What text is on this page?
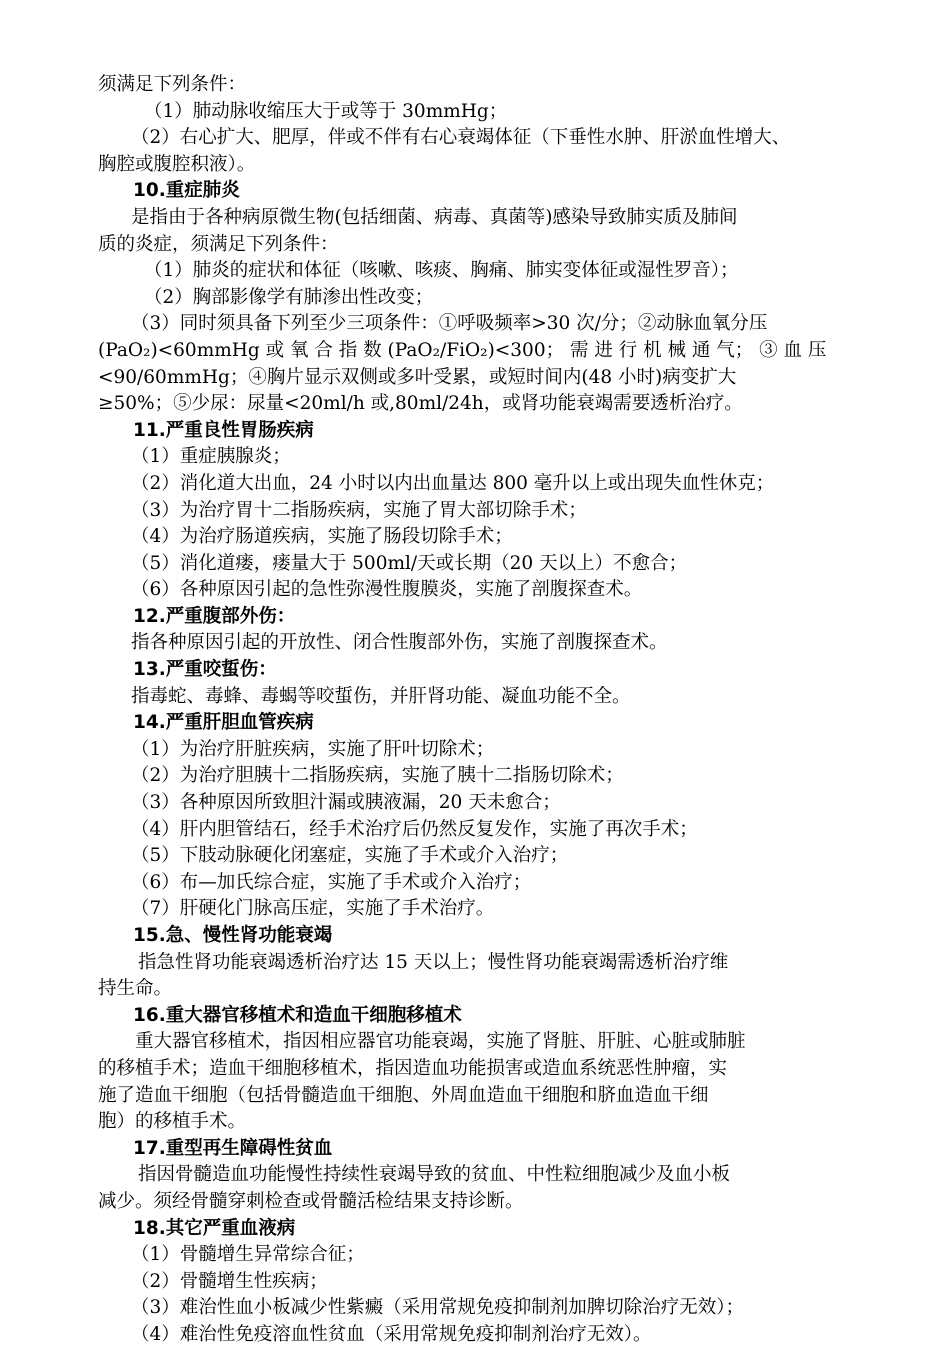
须满足下列条件：
（1）肺动脉收缩压大于或等于 30mmHg；
（2）右心扩大、肥厚，伴或不伴有右心衰竭体征（下垂性水肿、肝淤血性增大、
胸腔或腹腔积液）。
10.重症肺炎
是指由于各种病原微生物(包括细菌、病毒、真菌等)感染导致肺实质及肺间
质的炎症，须满足下列条件：
（1）肺炎的症状和体征（咳嗽、咳痰、胸痛、肺实变体征或湿性罗音）；
（2）胸部影像学有肺渗出性改变；
（3）同时须具备下列至少三项条件：①呼吸频率>30 次/分；②动脉血氧分压
(PaO₂)<60mmHg 或 氧 合 指 数 (PaO₂/FiO₂)<300； 需 进 行 机 械 通 气； ③ 血 压
<90/60mmHg；④胸片显示双侧或多叶受累，或短时间内(48 小时)病变扩大
≥50%；⑤少尿：尿量<20ml/h 或,80ml/24h，或肾功能衰竭需要透析治疗。
11.严重良性胃肠疾病
（1）重症胰腺炎；
（2）消化道大出血，24 小时以内出血量达 800 毫升以上或出现失血性休克；
（3）为治疗胃十二指肠疾病，实施了胃大部切除手术；
（4）为治疗肠道疾病，实施了肠段切除手术；
（5）消化道瘘，瘘量大于 500ml/天或长期（20 天以上）不愈合；
（6）各种原因引起的急性弥漫性腹膜炎，实施了剖腹探查术。
12.严重腹部外伤：
指各种原因引起的开放性、闭合性腹部外伤，实施了剖腹探查术。
13.严重咬蜇伤：
指毒蛇、毒蜂、毒蝎等咬蜇伤，并肝肾功能、凝血功能不全。
14.严重肝胆血管疾病
（1）为治疗肝脏疾病，实施了肝叶切除术；
（2）为治疗胆胰十二指肠疾病，实施了胰十二指肠切除术；
（3）各种原因所致胆汁漏或胰液漏，20 天未愈合；
（4）肝内胆管结石，经手术治疗后仍然反复发作，实施了再次手术；
（5）下肢动脉硬化闭塞症，实施了手术或介入治疗；
（6）布—加氏综合症，实施了手术或介入治疗；
（7）肝硬化门脉高压症，实施了手术治疗。
15.急、慢性肾功能衰竭
指急性肾功能衰竭透析治疗达 15 天以上；慢性肾功能衰竭需透析治疗维
持生命。
16.重大器官移植术和造血干细胞移植术
重大器官移植术，指因相应器官功能衰竭，实施了肾脏、肝脏、心脏或肺脏
的移植手术；造血干细胞移植术，指因造血功能损害或造血系统恶性肿瘤，实
施了造血干细胞（包括骨髓造血干细胞、外周血造血干细胞和脐血造血干细
胞）的移植手术。
17.重型再生障碍性贫血
指因骨髓造血功能慢性持续性衰竭导致的贫血、中性粒细胞减少及血小板
减少。须经骨髓穿刺检查或骨髓活检结果支持诊断。
18.其它严重血液病
（1）骨髓增生异常综合征；
（2）骨髓增生性疾病；
（3）难治性血小板减少性紫癜（采用常规免疫抑制剂加脾切除治疗无效）；
（4）难治性免疫溶血性贫血（采用常规免疫抑制剂治疗无效）。
